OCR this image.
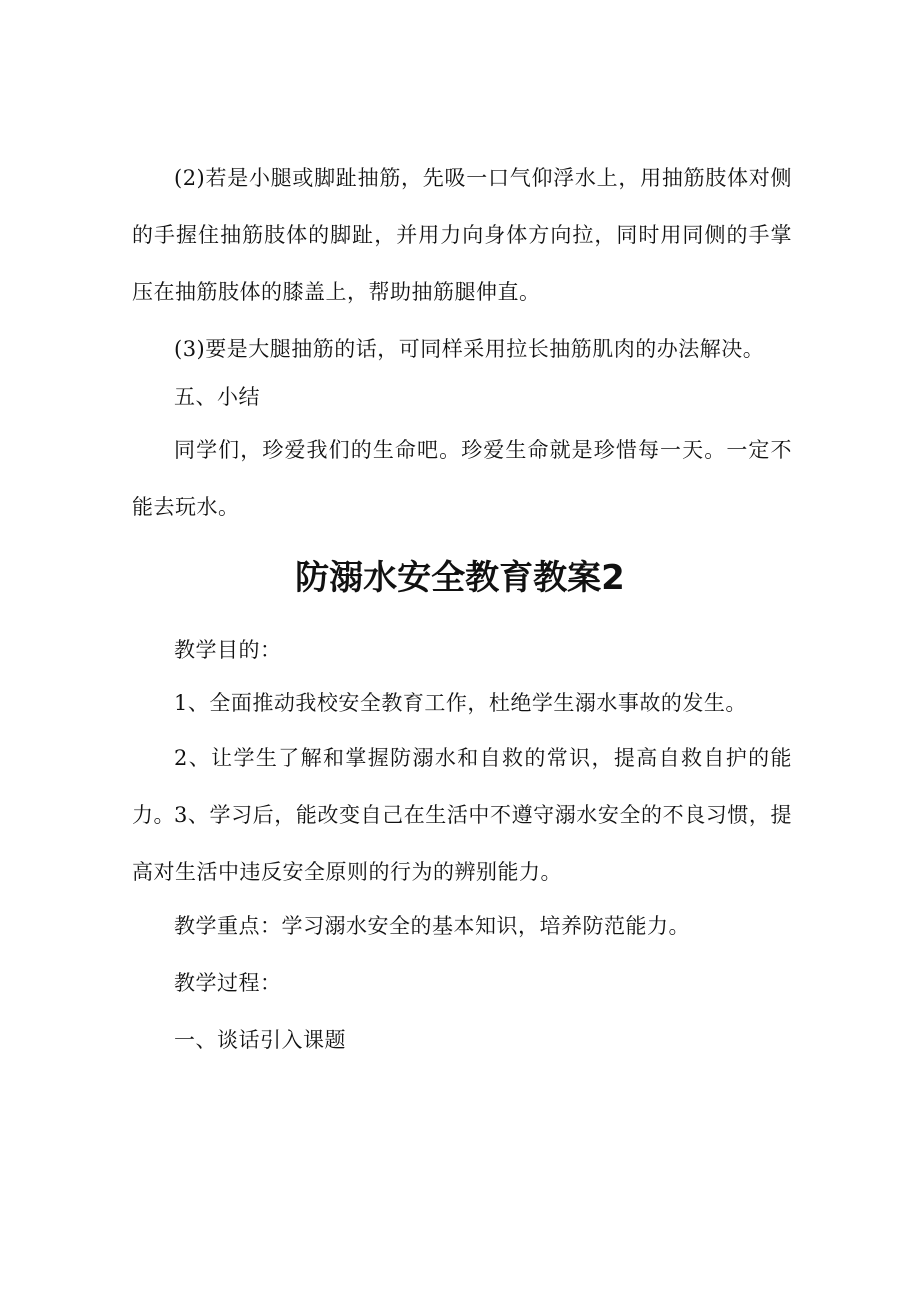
(2)若是小腿或脚趾抽筋，先吸一口气仰浮水上，用抽筋肢体对侧的手握住抽筋肢体的脚趾，并用力向身体方向拉，同时用同侧的手掌压在抽筋肢体的膝盖上，帮助抽筋腿伸直。

(3)要是大腿抽筋的话，可同样采用拉长抽筋肌肉的办法解决。

五、小结

同学们，珍爱我们的生命吧。珍爱生命就是珍惜每一天。一定不能去玩水。

防溺水安全教育教案2

教学目的：

1、全面推动我校安全教育工作，杜绝学生溺水事故的发生。

2、让学生了解和掌握防溺水和自救的常识，提高自救自护的能力。 3、学习后，能改变自己在生活中不遵守溺水安全的不良习惯，提高对生活中违反安全原则的行为的辨别能力。

教学重点：学习溺水安全的基本知识，培养防范能力。

教学过程：

一、谈话引入课题
